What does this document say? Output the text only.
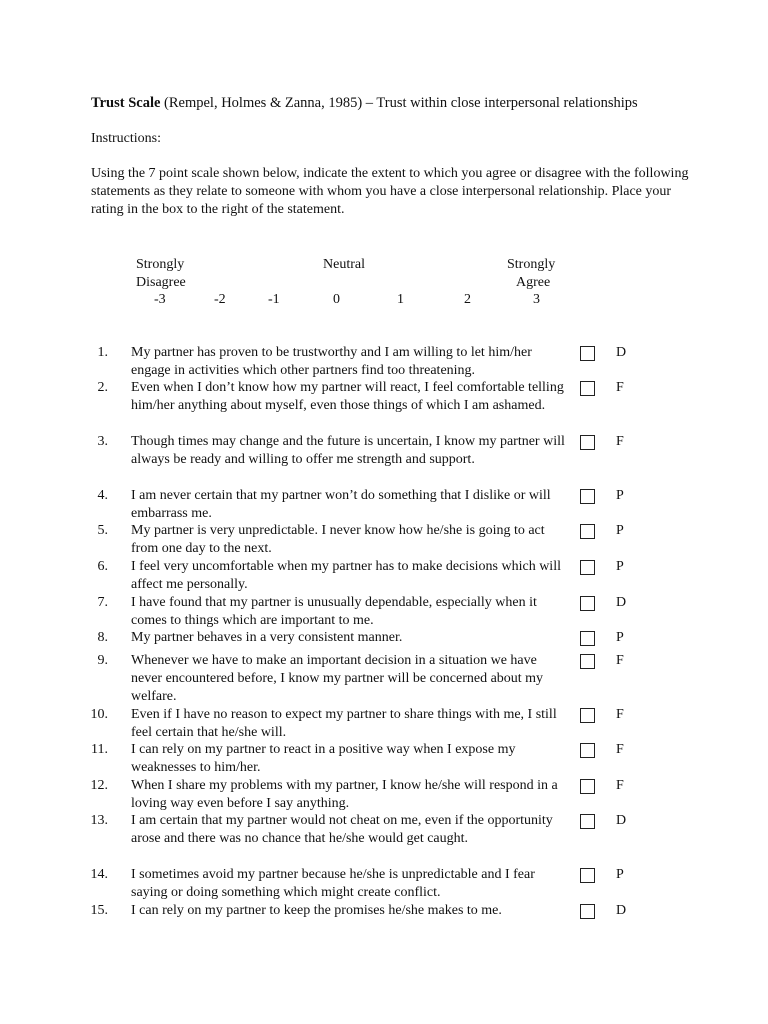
Trust Scale (Rempel, Holmes & Zanna, 1985) – Trust within close interpersonal relationships
Instructions:
Using the 7 point scale shown below, indicate the extent to which you agree or disagree with the following statements as they relate to someone with whom you have a close interpersonal relationship. Place your rating in the box to the right of the statement.
Strongly
Disagree
Neutral	Strongly
Agree
-3	-2	-1	0	1	2	3
1. My partner has proven to be trustworthy and I am willing to let him/her engage in activities which other partners find too threatening.
D
2. Even when I don’t know how my partner will react, I feel comfortable telling him/her anything about myself, even those things of which I am ashamed.
F
3. Though times may change and the future is uncertain, I know my partner will always be ready and willing to offer me strength and support.
F
4. I am never certain that my partner won’t do something that I dislike or will embarrass me.
P
5. My partner is very unpredictable. I never know how he/she is going to act from one day to the next.
P
6. I feel very uncomfortable when my partner has to make decisions which will affect me personally.
P
7. I have found that my partner is unusually dependable, especially when it comes to things which are important to me.
D
8. My partner behaves in a very consistent manner.	P
9. Whenever we have to make an important decision in a situation we have never encountered before, I know my partner will be concerned about my welfare.
F
10. Even if I have no reason to expect my partner to share things with me, I still feel certain that he/she will.
F
11. I can rely on my partner to react in a positive way when I expose my weaknesses to him/her.
F
12. When I share my problems with my partner, I know he/she will respond in a loving way even before I say anything.
F
13. I am certain that my partner would not cheat on me, even if the opportunity arose and there was no chance that he/she would get caught.
D
14. I sometimes avoid my partner because he/she is unpredictable and I fear saying or doing something which might create conflict.
P
15. I can rely on my partner to keep the promises he/she makes to me.	D
